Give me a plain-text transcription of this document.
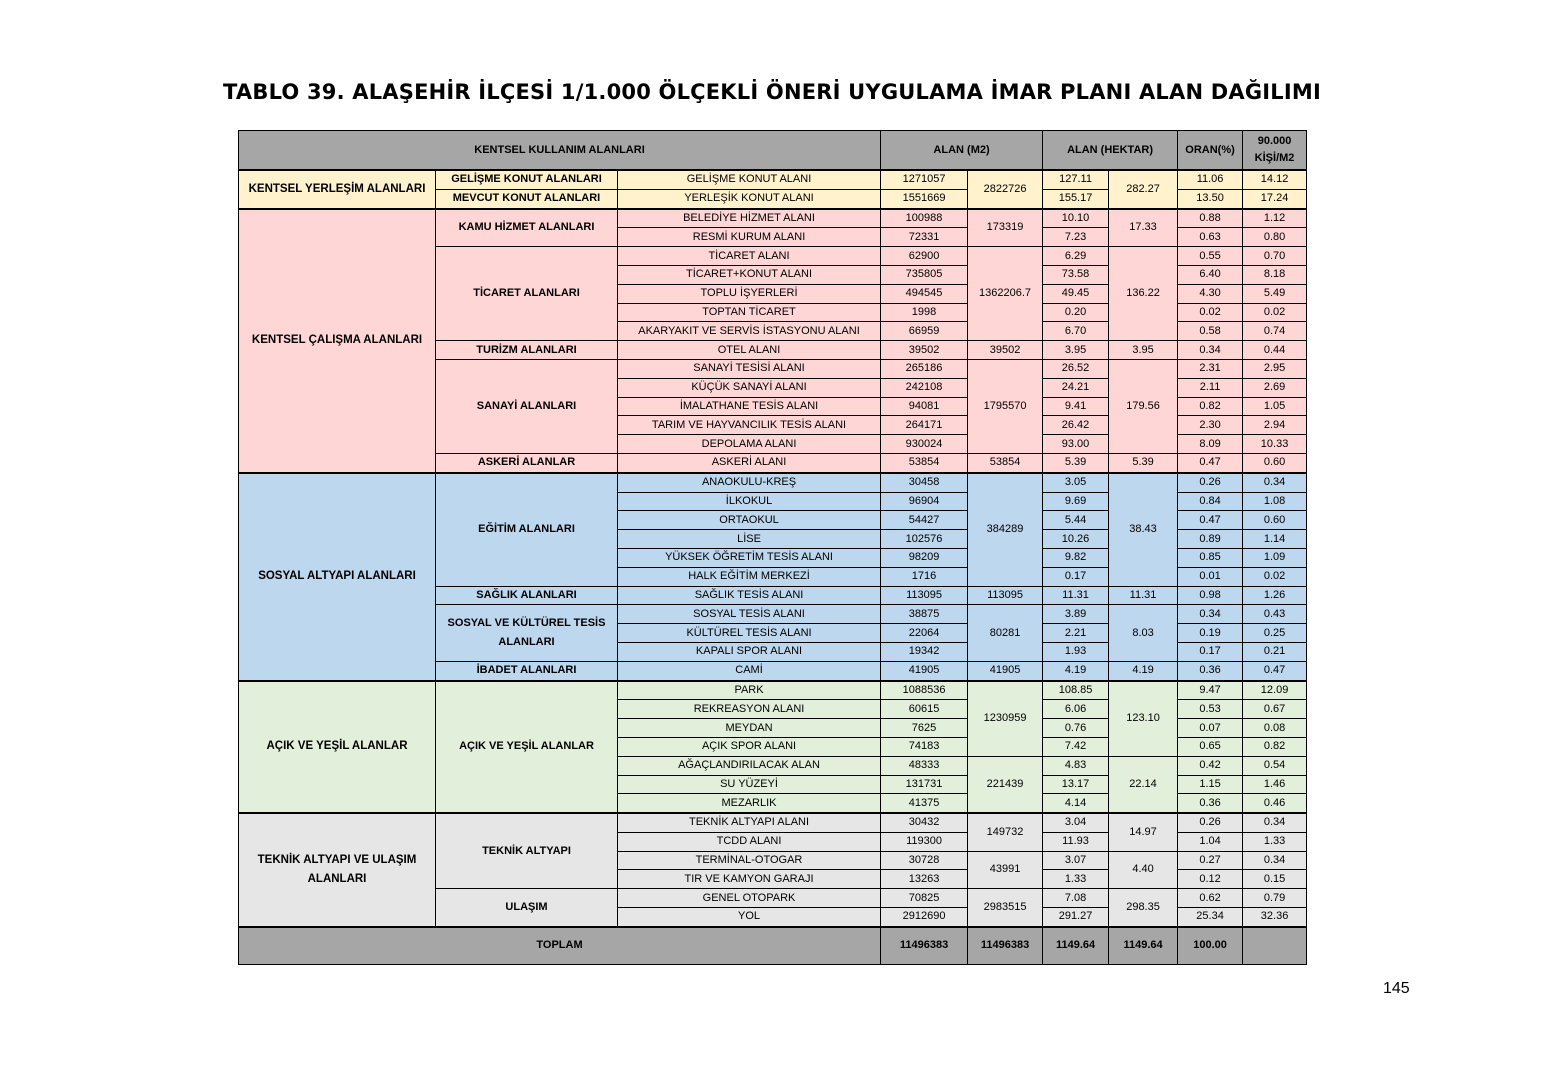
TABLO 39. ALAŞEHİR İLÇESİ 1/1.000 ÖLÇEKLİ ÖNERİ UYGULAMA İMAR PLANI ALAN DAĞILIMI
KENTSEL KULLANIM ALANLARI			ALAN (M2)		ALAN (HEKTAR)		ORAN(%)	90.000
KİŞİ/M2
KENTSEL YERLEŞİM ALANLARI	GELİŞME KONUT ALANLARI	GELİŞME KONUT ALANI	1271057	2822726	127.11	282.27	11.06	14.12
	MEVCUT KONUT ALANLARI	YERLEŞİK KONUT ALANI	1551669		155.17		13.50	17.24
KENTSEL ÇALIŞMA ALANLARI	KAMU HİZMET ALANLARI	BELEDİYE HİZMET ALANI	100988	173319	10.10	17.33	0.88	1.12
		RESMİ KURUM ALANI	72331		7.23		0.63	0.80
	TİCARET ALANLARI	TİCARET ALANI	62900	1362206.7	6.29	136.22	0.55	0.70
		TİCARET+KONUT ALANI	735805		73.58		6.40	8.18
		TOPLU İŞYERLERİ	494545		49.45		4.30	5.49
		TOPTAN TİCARET	1998		0.20		0.02	0.02
		AKARYAKIT VE SERVİS İSTASYONU ALANI	66959		6.70		0.58	0.74
	TURİZM ALANLARI	OTEL ALANI	39502	39502	3.95	3.95	0.34	0.44
	SANAYİ ALANLARI	SANAYİ TESİSİ ALANI	265186	1795570	26.52	179.56	2.31	2.95
		KÜÇÜK SANAYİ ALANI	242108		24.21		2.11	2.69
		İMALATHANE TESİS ALANI	94081		9.41		0.82	1.05
		TARIM VE HAYVANCILIK TESİS ALANI	264171		26.42		2.30	2.94
		DEPOLAMA ALANI	930024		93.00		8.09	10.33
	ASKERİ ALANLAR	ASKERİ ALANI	53854	53854	5.39	5.39	0.47	0.60
SOSYAL ALTYAPI ALANLARI	EĞİTİM ALANLARI	ANAOKULU-KREŞ	30458	384289	3.05	38.43	0.26	0.34
		İLKOKUL	96904		9.69		0.84	1.08
		ORTAOKUL	54427		5.44		0.47	0.60
		LİSE	102576		10.26		0.89	1.14
		YÜKSEK ÖĞRETİM TESİS ALANI	98209		9.82		0.85	1.09
		HALK EĞİTİM MERKEZİ	1716		0.17		0.01	0.02
	SAĞLIK ALANLARI	SAĞLIK TESİS ALANI	113095	113095	11.31	11.31	0.98	1.26
	SOSYAL VE KÜLTÜREL TESİS ALANLARI	SOSYAL TESİS ALANI	38875	80281	3.89	8.03	0.34	0.43
		KÜLTÜREL TESİS ALANI	22064		2.21		0.19	0.25
		KAPALI SPOR ALANI	19342		1.93		0.17	0.21
	İBADET ALANLARI	CAMİ	41905	41905	4.19	4.19	0.36	0.47
AÇIK VE YEŞİL ALANLAR	AÇIK VE YEŞİL ALANLAR	PARK	1088536	1230959	108.85	123.10	9.47	12.09
		REKREASYON ALANI	60615		6.06		0.53	0.67
		MEYDAN	7625		0.76		0.07	0.08
		AÇIK SPOR ALANI	74183		7.42		0.65	0.82
		AĞAÇLANDIRILACAK ALAN	48333	221439	4.83	22.14	0.42	0.54
		SU YÜZEYİ	131731		13.17		1.15	1.46
		MEZARLIK	41375		4.14		0.36	0.46
TEKNİK ALTYAPI VE ULAŞIM ALANLARI	TEKNİK ALTYAPI	TEKNİK ALTYAPI ALANI	30432	149732	3.04	14.97	0.26	0.34
		TCDD ALANI	119300		11.93		1.04	1.33
		TERMİNAL-OTOGAR	30728	43991	3.07	4.40	0.27	0.34
		TIR VE KAMYON GARAJI	13263		1.33		0.12	0.15
	ULAŞIM	GENEL OTOPARK	70825	2983515	7.08	298.35	0.62	0.79
		YOL	2912690		291.27		25.34	32.36
TOPLAM			11496383	11496383	1149.64	1149.64	100.00	
145
